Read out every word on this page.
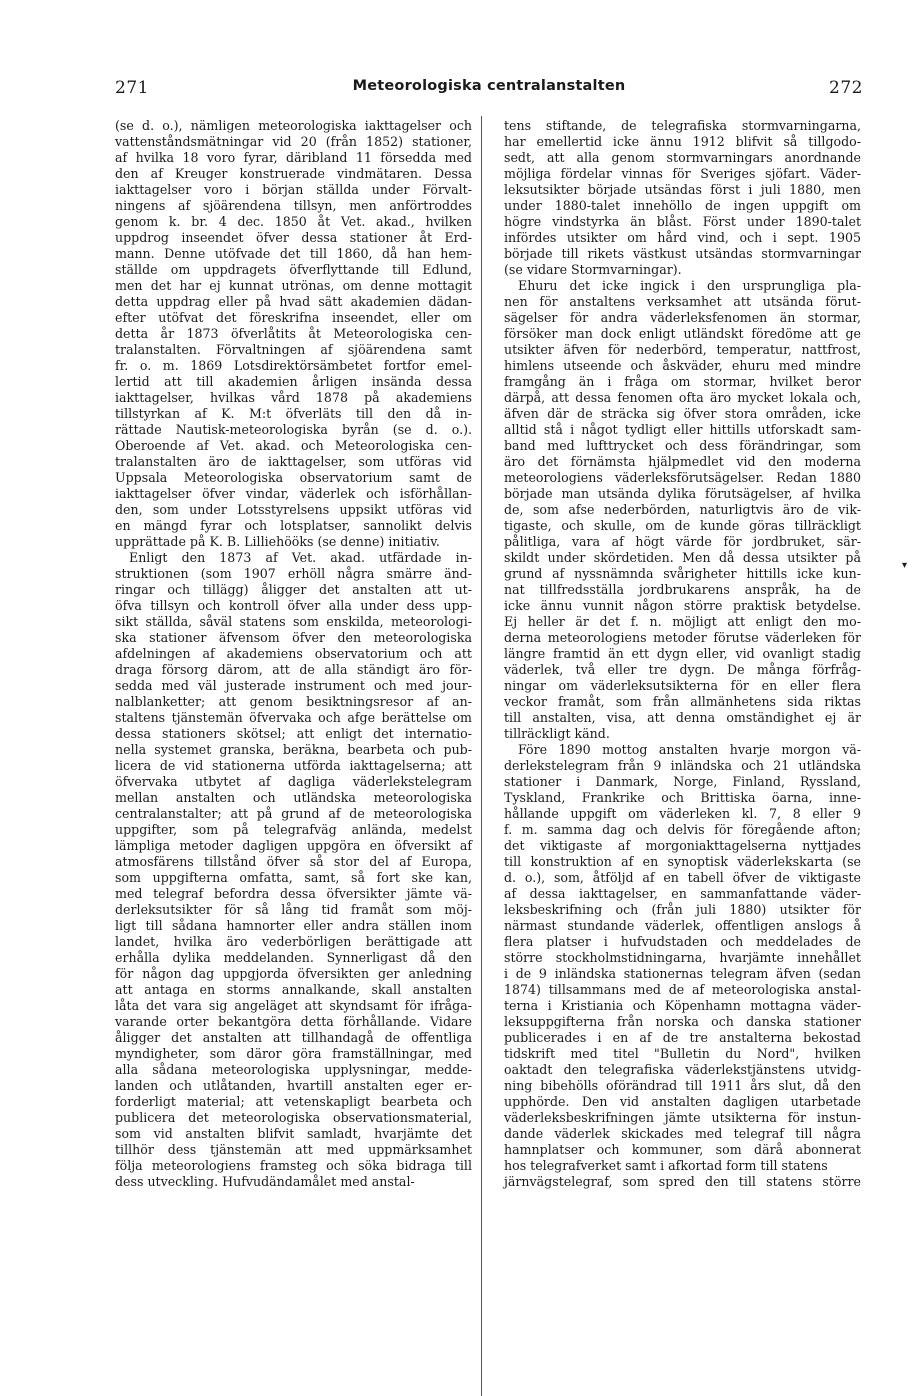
271	Meteorologiska centralanstalten	272
(se d. o.), nämligen meteorologiska iakttagelser och
vattenståndsmätningar vid 20 (från 1852) stationer,
af hvilka 18 voro fyrar, däribland 11 försedda med
den af Kreuger konstruerade vindmätaren. Dessa
iakttagelser voro i början ställda under Förvalt-
ningens af sjöärendena tillsyn, men anförtroddes
genom k. br. 4 dec. 1850 åt Vet. akad., hvilken
uppdrog inseendet öfver dessa stationer åt Erd-
mann. Denne utöfvade det till 1860, då han hem-
ställde om uppdragets öfverflyttande till Edlund,
men det har ej kunnat utrönas, om denne mottagit
detta uppdrag eller på hvad sätt akademien dädan-
efter utöfvat det föreskrifna inseendet, eller om
detta år 1873 öfverlåtits åt Meteorologiska cen-
tralanstalten. Förvaltningen af sjöärendena samt
fr. o. m. 1869 Lotsdirektörsämbetet fortfor emel-
lertid att till akademien årligen insända dessa
iakttagelser, hvilkas vård 1878 på akademiens
tillstyrkan af K. M:t öfverläts till den då in-
rättade Nautisk-meteorologiska byrån (se d. o.).
Oberoende af Vet. akad. och Meteorologiska cen-
tralanstalten äro de iakttagelser, som utföras vid
Uppsala Meteorologiska observatorium samt de
iakttagelser öfver vindar, väderlek och isförhållan-
den, som under Lotsstyrelsens uppsikt utföras vid
en mängd fyrar och lotsplatser, sannolikt delvis
upprättade på K. B. Lilliehööks (se denne) initiativ.
Enligt den 1873 af Vet. akad. utfärdade in-
struktionen (som 1907 erhöll några smärre änd-
ringar och tillägg) åligger det anstalten att ut-
öfva tillsyn och kontroll öfver alla under dess upp-
sikt ställda, såväl statens som enskilda, meteorologi-
ska stationer äfvensom öfver den meteorologiska
afdelningen af akademiens observatorium och att
draga försorg därom, att de alla ständigt äro för-
sedda med väl justerade instrument och med jour-
nalblanketter; att genom besiktningsresor af an-
staltens tjänstemän öfvervaka och afge berättelse om
dessa stationers skötsel; att enligt det internatio-
nella systemet granska, beräkna, bearbeta och pub-
licera de vid stationerna utförda iakttagelserna; att
öfvervaka utbytet af dagliga väderlekstelegram
mellan anstalten och utländska meteorologiska
centralanstalter; att på grund af de meteorologiska
uppgifter, som på telegrafväg anlända, medelst
lämpliga metoder dagligen uppgöra en öfversikt af
atmosfärens tillstånd öfver så stor del af Europa,
som uppgifterna omfatta, samt, så fort ske kan,
med telegraf befordra dessa öfversikter jämte vä-
derleksutsikter för så lång tid framåt som möj-
ligt till sådana hamnorter eller andra ställen inom
landet, hvilka äro vederbörligen berättigade att
erhålla dylika meddelanden. Synnerligast då den
för någon dag uppgjorda öfversikten ger anledning
att antaga en storms annalkande, skall anstalten
låta det vara sig angeläget att skyndsamt för ifråga-
varande orter bekantgöra detta förhållande. Vidare
åligger det anstalten att tillhandagå de offentliga
myndigheter, som däror göra framställningar, med
alla sådana meteorologiska upplysningar, medde-
landen och utlåtanden, hvartill anstalten eger er-
forderligt material; att vetenskapligt bearbeta och
publicera det meteorologiska observationsmaterial,
som vid anstalten blifvit samladt, hvarjämte det
tillhör dess tjänstemän att med uppmärksamhet
följa meteorologiens framsteg och söka bidraga till
dess utveckling. Hufvudändamålet med anstal-
tens stiftande, de telegrafiska stormvarningarna,
har emellertid icke ännu 1912 blifvit så tillgodo-
sedt, att alla genom stormvarningars anordnande
möjliga fördelar vinnas för Sveriges sjöfart. Väder-
leksutsikter började utsändas först i juli 1880, men
under 1880-talet innehöllo de ingen uppgift om
högre vindstyrka än blåst. Först under 1890-talet
infördes utsikter om hård vind, och i sept. 1905
började till rikets västkust utsändas stormvarningar
(se vidare Stormvarningar).
Ehuru det icke ingick i den ursprungliga pla-
nen för anstaltens verksamhet att utsända förut-
sägelser för andra väderleksfenomen än stormar,
försöker man dock enligt utländskt föredöme att ge
utsikter äfven för nederbörd, temperatur, nattfrost,
himlens utseende och åskväder, ehuru med mindre
framgång än i fråga om stormar, hvilket beror
därpå, att dessa fenomen ofta äro mycket lokala och,
äfven där de sträcka sig öfver stora områden, icke
alltid stå i något tydligt eller hittills utforskadt sam-
band med lufttrycket och dess förändringar, som
äro det förnämsta hjälpmedlet vid den moderna
meteorologiens väderleksförutsägelser. Redan 1880
började man utsända dylika förutsägelser, af hvilka
de, som afse nederbörden, naturligtvis äro de vik-
tigaste, och skulle, om de kunde göras tillräckligt
pålitliga, vara af högt värde för jordbruket, sär-
skildt under skördetiden. Men då dessa utsikter på
grund af nyssnämnda svårigheter hittills icke kun-
nat tillfredsställa jordbrukarens anspråk, ha de
icke ännu vunnit någon större praktisk betydelse.
Ej heller är det f. n. möjligt att enligt den mo-
derna meteorologiens metoder förutse väderleken för
längre framtid än ett dygn eller, vid ovanligt stadig
väderlek, två eller tre dygn. De många förfråg-
ningar om väderleksutsikterna för en eller flera
veckor framåt, som från allmänhetens sida riktas
till anstalten, visa, att denna omständighet ej är
tillräckligt känd.
Före 1890 mottog anstalten hvarje morgon vä-
derlekstelegram från 9 inländska och 21 utländska
stationer i Danmark, Norge, Finland, Ryssland,
Tyskland, Frankrike och Brittiska öarna, inne-
hållande uppgift om väderleken kl. 7, 8 eller 9
f. m. samma dag och delvis för föregående afton;
det viktigaste af morgoniakttagelserna nyttjades
till konstruktion af en synoptisk väderlekskarta (se
d. o.), som, åtföljd af en tabell öfver de viktigaste
af dessa iakttagelser, en sammanfattande väder-
leksbeskrifning och (från juli 1880) utsikter för
närmast stundande väderlek, offentligen anslogs å
flera platser i hufvudstaden och meddelades de
större stockholmstidningarna, hvarjämte innehållet
i de 9 inländska stationernas telegram äfven (sedan
1874) tillsammans med de af meteorologiska anstal-
terna i Kristiania och Köpenhamn mottagna väder-
leksuppgifterna från norska och danska stationer
publicerades i en af de tre anstalterna bekostad
tidskrift med titel "Bulletin du Nord", hvilken
oaktadt den telegrafiska väderlekstjänstens utvidg-
ning bibehölls oförändrad till 1911 års slut, då den
upphörde. Den vid anstalten dagligen utarbetade
väderleksbeskrifningen jämte utsikterna för instun-
dande väderlek skickades med telegraf till några
hamnplatser och kommuner, som därå abonnerat
hos telegrafverket samt i afkortad form till statens
järnvägstelegraf, som spred den till statens större
▾
